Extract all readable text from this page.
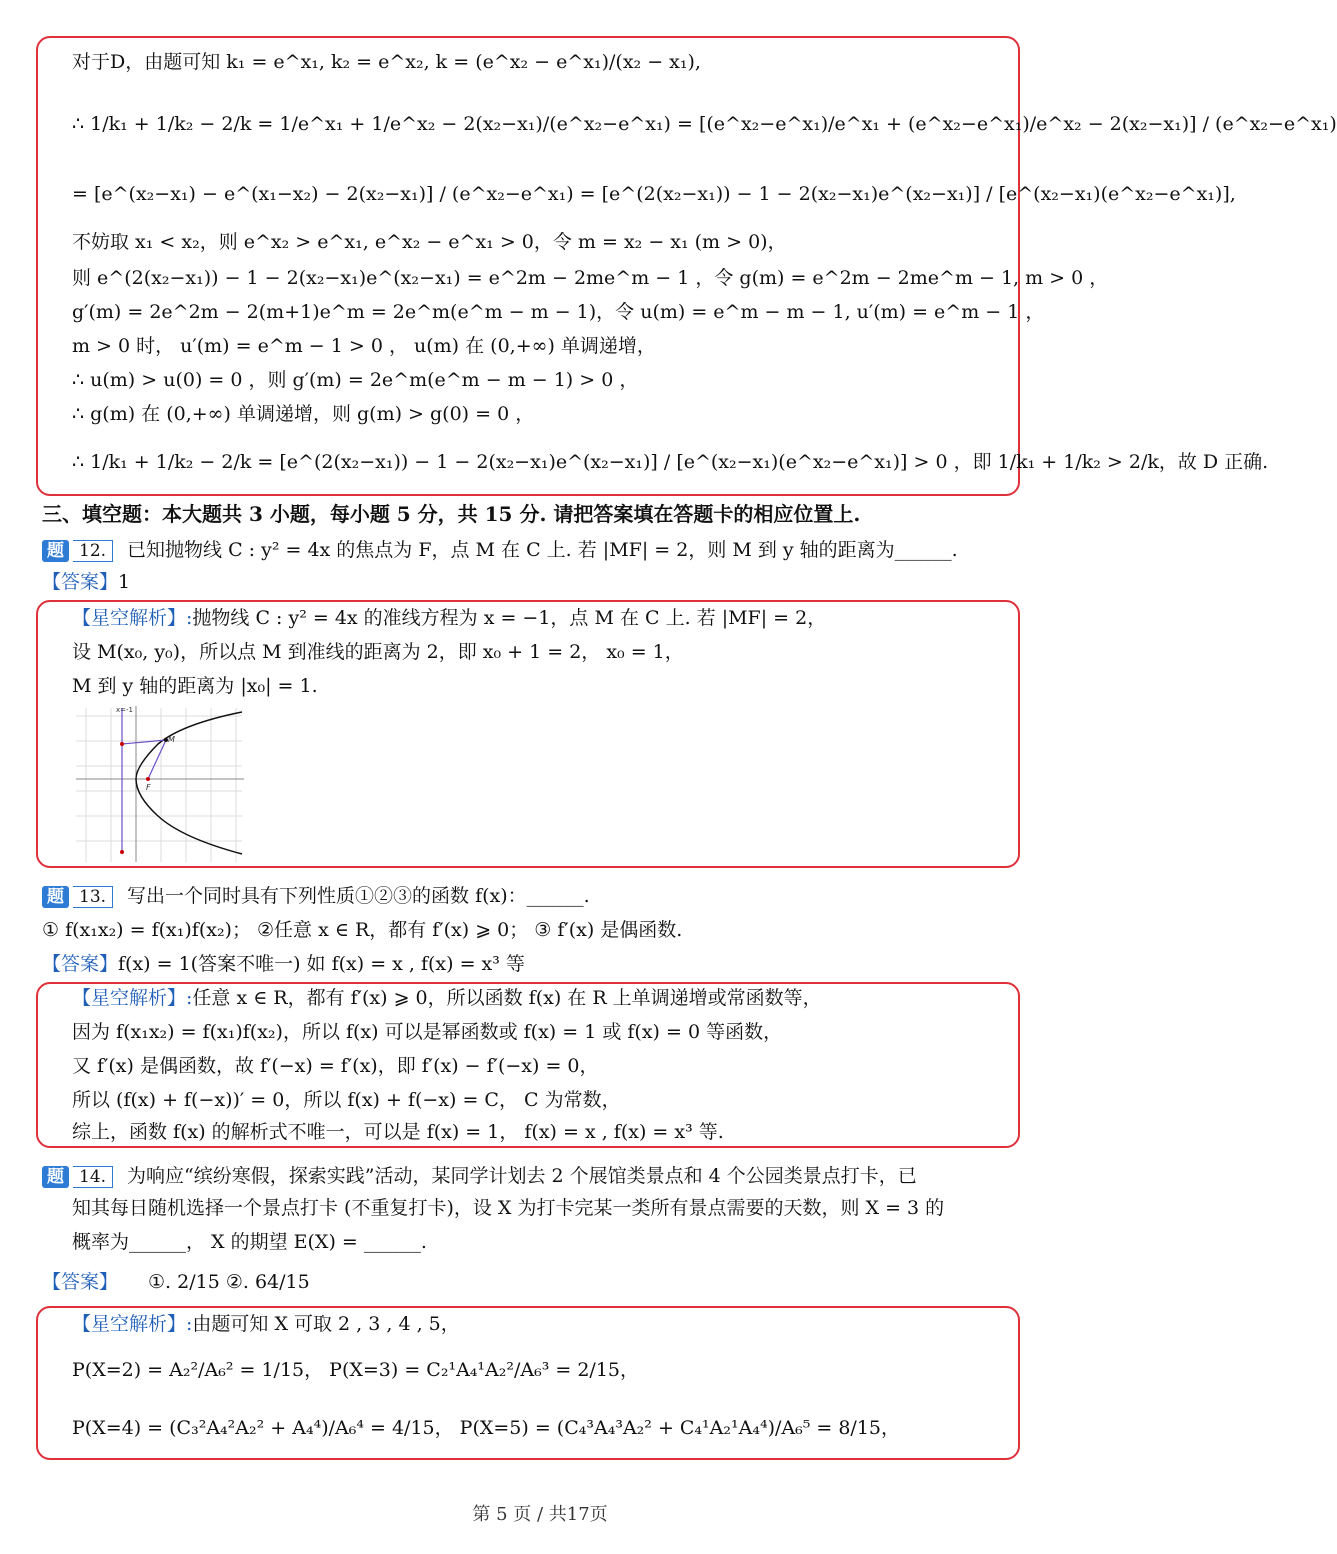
对于D，由题可知 k₁ = e^x₁, k₂ = e^x₂, k = (e^x₂ − e^x₁)/(x₂ − x₁),
∴ 1/k₁ + 1/k₂ − 2/k = 1/e^x₁ + 1/e^x₂ − 2(x₂−x₁)/(e^x₂−e^x₁) = [(e^x₂−e^x₁)/e^x₁ + (e^x₂−e^x₁)/e^x₂ − 2(x₂−x₁)] / (e^x₂−e^x₁)
= [e^(x₂−x₁) − e^(x₁−x₂) − 2(x₂−x₁)] / (e^x₂−e^x₁) = [e^(2(x₂−x₁)) − 1 − 2(x₂−x₁)e^(x₂−x₁)] / [e^(x₂−x₁)(e^x₂−e^x₁)],
不妨取 x₁ < x₂，则 e^x₂ > e^x₁, e^x₂ − e^x₁ > 0，令 m = x₂ − x₁ (m > 0)，
则 e^(2(x₂−x₁)) − 1 − 2(x₂−x₁)e^(x₂−x₁) = e^2m − 2me^m − 1 ，令 g(m) = e^2m − 2me^m − 1, m > 0 ，
g′(m) = 2e^2m − 2(m+1)e^m = 2e^m(e^m − m − 1)，令 u(m) = e^m − m − 1, u′(m) = e^m − 1 ，
m > 0 时， u′(m) = e^m − 1 > 0 ， u(m) 在 (0,+∞) 单调递增，
∴ u(m) > u(0) = 0 ，则 g′(m) = 2e^m(e^m − m − 1) > 0 ，
∴ g(m) 在 (0,+∞) 单调递增，则 g(m) > g(0) = 0 ，
∴ 1/k₁ + 1/k₂ − 2/k = [e^(2(x₂−x₁)) − 1 − 2(x₂−x₁)e^(x₂−x₁)] / [e^(x₂−x₁)(e^x₂−e^x₁)] > 0 ，即 1/k₁ + 1/k₂ > 2/k，故 D 正确.
三、填空题：本大题共 3 小题，每小题 5 分，共 15 分. 请把答案填在答题卡的相应位置上.
题 12. 已知抛物线 C : y² = 4x 的焦点为 F，点 M 在 C 上. 若 |MF| = 2，则 M 到 y 轴的距离为______.
【答案】1
【星空解析】:抛物线 C : y² = 4x 的准线方程为 x = −1，点 M 在 C 上. 若 |MF| = 2，
设 M(x₀, y₀)，所以点 M 到准线的距离为 2，即 x₀ + 1 = 2， x₀ = 1，
M 到 y 轴的距离为 |x₀| = 1.
x=-1
M
F
题 13. 写出一个同时具有下列性质①②③的函数 f(x)：______.
① f(x₁x₂) = f(x₁)f(x₂)； ②任意 x ∈ R，都有 f′(x) ⩾ 0； ③ f′(x) 是偶函数.
【答案】f(x) = 1(答案不唯一) 如 f(x) = x , f(x) = x³ 等
【星空解析】:任意 x ∈ R，都有 f′(x) ⩾ 0，所以函数 f(x) 在 R 上单调递增或常函数等，
因为 f(x₁x₂) = f(x₁)f(x₂)，所以 f(x) 可以是幂函数或 f(x) = 1 或 f(x) = 0 等函数，
又 f′(x) 是偶函数，故 f′(−x) = f′(x)，即 f′(x) − f′(−x) = 0，
所以 (f(x) + f(−x))′ = 0，所以 f(x) + f(−x) = C， C 为常数，
综上，函数 f(x) 的解析式不唯一，可以是 f(x) = 1， f(x) = x , f(x) = x³ 等.
题 14. 为响应“缤纷寒假，探索实践”活动，某同学计划去 2 个展馆类景点和 4 个公园类景点打卡，已
知其每日随机选择一个景点打卡 (不重复打卡)，设 X 为打卡完某一类所有景点需要的天数，则 X = 3 的
概率为______， X 的期望 E(X) = ______.
【答案】 ①. 2/15 ②. 64/15
【星空解析】:由题可知 X 可取 2 , 3 , 4 , 5，
P(X=2) = A₂²/A₆² = 1/15， P(X=3) = C₂¹A₄¹A₂²/A₆³ = 2/15，
P(X=4) = (C₃²A₄²A₂² + A₄⁴)/A₆⁴ = 4/15， P(X=5) = (C₄³A₄³A₂² + C₄¹A₂¹A₄⁴)/A₆⁵ = 8/15，
第 5 页 / 共17页
